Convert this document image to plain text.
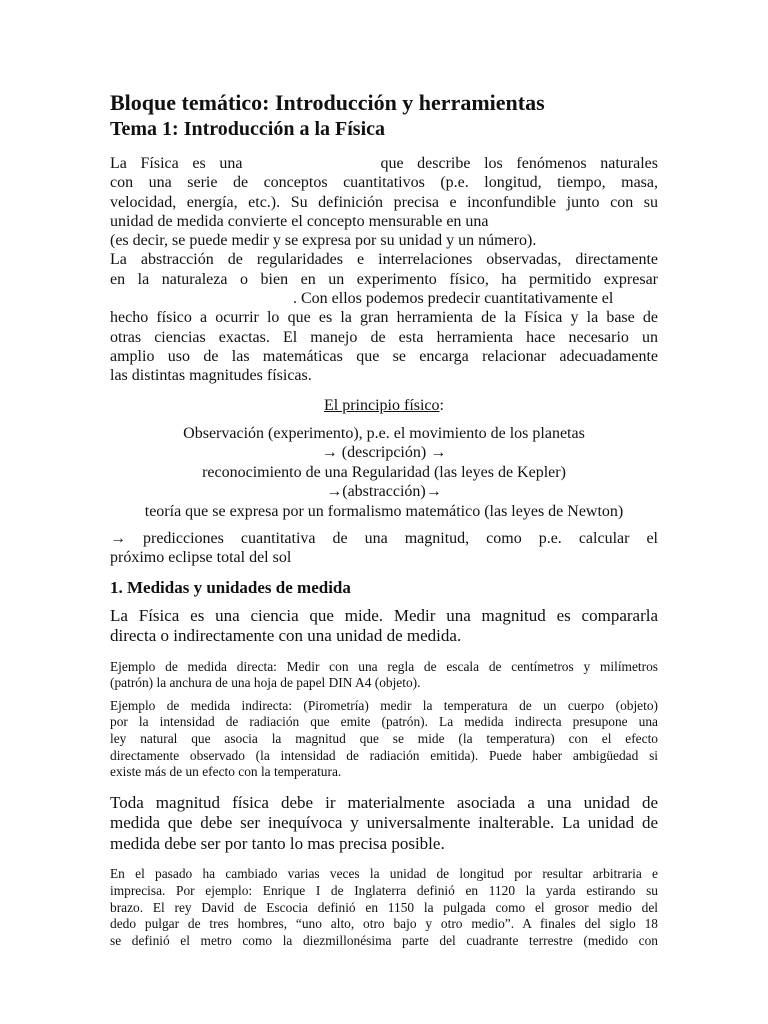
Bloque temático: Introducción y herramientas
Tema 1: Introducción a la Física
La Física es una	que describe los fenómenos naturales
con una serie de conceptos cuantitativos (p.e. longitud, tiempo, masa,
velocidad, energía, etc.). Su definición precisa e inconfundible junto con su
unidad de medida convierte el concepto mensurable en una
(es decir, se puede medir y se expresa por su unidad y un número).
La abstracción de regularidades e interrelaciones observadas, directamente
en la naturaleza o bien en un experimento físico, ha permitido expresar
. Con ellos podemos predecir cuantitativamente el
hecho físico a ocurrir lo que es la gran herramienta de la Física y la base de
otras ciencias exactas. El manejo de esta herramienta hace necesario un
amplio uso de las matemáticas que se encarga relacionar adecuadamente
las distintas magnitudes físicas.

El principio físico:

Observación (experimento), p.e. el movimiento de los planetas

→ (descripción) →

reconocimiento de una Regularidad (las leyes de Kepler)

→(abstracción)→

teoría que se expresa por un formalismo matemático (las leyes de Newton)

→ predicciones cuantitativa de una magnitud, como p.e. calcular el
próximo eclipse total del sol
1. Medidas y unidades de medida
La Física es una ciencia que mide. Medir una magnitud es compararla
directa o indirectamente con una unidad de medida.
Ejemplo de medida directa: Medir con una regla de escala de centímetros y milímetros
(patrón) la anchura de una hoja de papel DIN A4 (objeto).
Ejemplo de medida indirecta: (Pirometría) medir la temperatura de un cuerpo (objeto)
por la intensidad de radiación que emite (patrón). La medida indirecta presupone una
ley natural que asocia la magnitud que se mide (la temperatura) con el efecto
directamente observado (la intensidad de radiación emitida). Puede haber ambigüedad si
existe más de un efecto con la temperatura.
Toda magnitud física debe ir materialmente asociada a una unidad de
medida que debe ser inequívoca y universalmente inalterable. La unidad de
medida debe ser por tanto lo mas precisa posible.
En el pasado ha cambiado varias veces la unidad de longitud por resultar arbitraria e
imprecisa. Por ejemplo: Enrique I de Inglaterra definió en 1120 la yarda estirando su
brazo. El rey David de Escocia definió en 1150 la pulgada como el grosor medio del
dedo pulgar de tres hombres, “uno alto, otro bajo y otro medio”. A finales del siglo 18
se definió el metro como la diezmillonésima parte del cuadrante terrestre (medido con
